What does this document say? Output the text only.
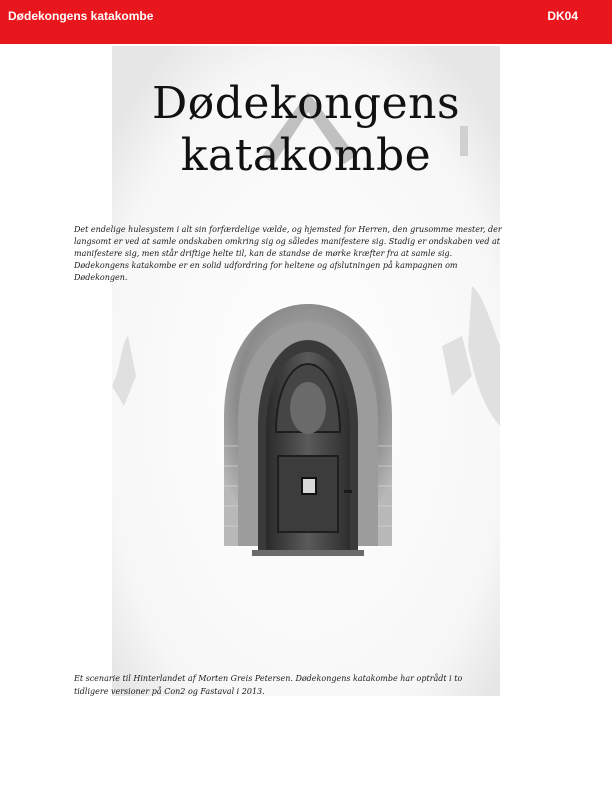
Dødekongens katakombe	DK04
Dødekongens
katakombe

Det endelige hulesystem i alt sin forfærdelige vælde, og hjemsted for Herren, den grusomme mester, der langsomt er ved at samle ondskaben omkring sig og således manifestere sig. Stadig er ondskaben ved at manifestere sig, men står driftige helte til, kan de standse de mørke kræfter fra at samle sig. Dødekongens katakombe er en solid udfordring for heltene og afslutningen på kampagnen om Dødekongen.

Et scenarie til Hinterlandet af Morten Greis Petersen. Dødekongens katakombe har optrådt i to
tidligere versioner på Con2 og Fastaval i 2013.
